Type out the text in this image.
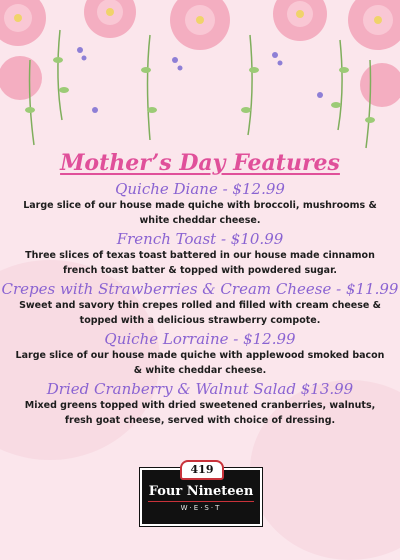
Mother’s Day Features

Quiche Diane - $12.99

Large slice of our house made quiche with broccoli, mushrooms & white cheddar cheese.

French Toast - $10.99

Three slices of texas toast battered in our house made cinnamon french toast batter & topped with powdered sugar.

Crepes with Strawberries & Cream Cheese - $11.99

Sweet and savory thin crepes rolled and filled with cream cheese & topped with a delicious strawberry compote.

Quiche Lorraine - $12.99

Large slice of our house made quiche with applewood smoked bacon & white cheddar cheese.

Dried Cranberry & Walnut Salad $13.99

Mixed greens topped with dried sweetened cranberries, walnuts, fresh goat cheese, served with choice of dressing.

419
Four Nineteen
W·E·S·T
